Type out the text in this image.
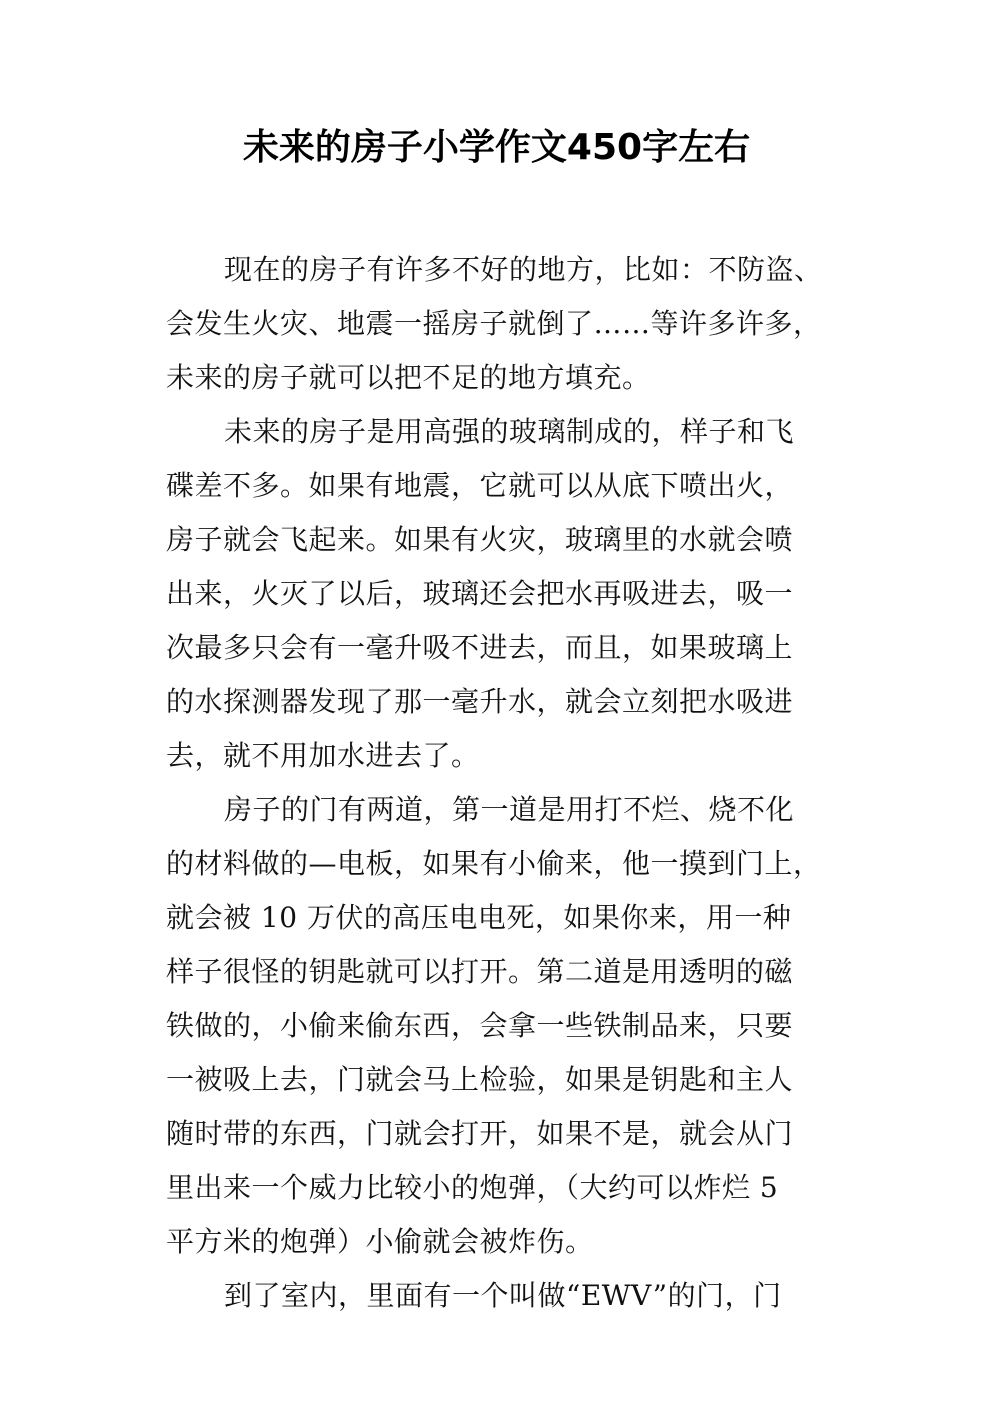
未来的房子小学作文450字左右
现在的房子有许多不好的地方，比如：不防盗、
会发生火灾、地震一摇房子就倒了……等许多许多，
未来的房子就可以把不足的地方填充。
未来的房子是用高强的玻璃制成的，样子和飞
碟差不多。如果有地震，它就可以从底下喷出火，
房子就会飞起来。如果有火灾，玻璃里的水就会喷
出来，火灭了以后，玻璃还会把水再吸进去，吸一
次最多只会有一毫升吸不进去，而且，如果玻璃上
的水探测器发现了那一毫升水，就会立刻把水吸进
去，就不用加水进去了。
房子的门有两道，第一道是用打不烂、烧不化
的材料做的—电板，如果有小偷来，他一摸到门上，
就会被 10 万伏的高压电电死，如果你来，用一种
样子很怪的钥匙就可以打开。第二道是用透明的磁
铁做的，小偷来偷东西，会拿一些铁制品来，只要
一被吸上去，门就会马上检验，如果是钥匙和主人
随时带的东西，门就会打开，如果不是，就会从门
里出来一个威力比较小的炮弹，（大约可以炸烂 5
平方米的炮弹）小偷就会被炸伤。
到了室内，里面有一个叫做“EWV”的门，门
